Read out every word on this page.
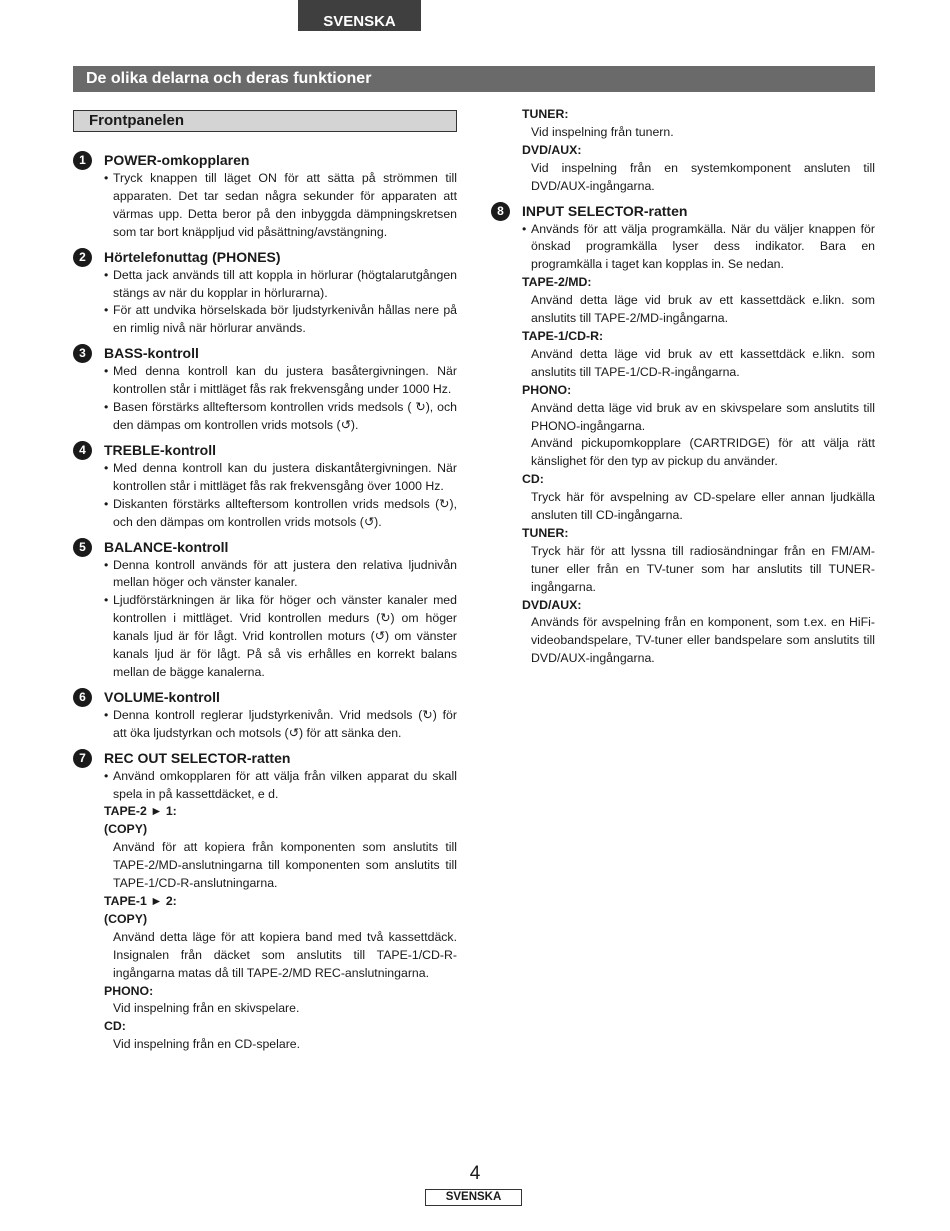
SVENSKA
De olika delarna och deras funktioner
Frontpanelen
1	POWER-omkopplaren
• Tryck knappen till läget ON för att sätta på strömmen till apparaten. Det tar sedan några sekunder för apparaten att värmas upp. Detta beror på den inbyggda dämpningskretsen som tar bort knäppljud vid påsättning/avstängning.
2	Hörtelefonuttag (PHONES)
• Detta jack används till att koppla in hörlurar (högtalarutgången stängs av när du kopplar in hörlurarna).
• För att undvika hörselskada bör ljudstyrkenivån hållas nere på en rimlig nivå när hörlurar används.
3	BASS-kontroll
• Med denna kontroll kan du justera basåtergivningen. När kontrollen står i mittläget fås rak frekvensgång under 1000 Hz.
• Basen förstärks allteftersom kontrollen vrids medsols ( ↻), och den dämpas om kontrollen vrids motsols (↺).
4	TREBLE-kontroll
• Med denna kontroll kan du justera diskantåtergivningen. När kontrollen står i mittläget fås rak frekvensgång över 1000 Hz.
• Diskanten förstärks allteftersom kontrollen vrids medsols (↻), och den dämpas om kontrollen vrids motsols (↺).
5	BALANCE-kontroll
• Denna kontroll används för att justera den relativa ljudnivån mellan höger och vänster kanaler.
• Ljudförstärkningen är lika för höger och vänster kanaler med kontrollen i mittläget. Vrid kontrollen medurs (↻) om höger kanals ljud är för lågt. Vrid kontrollen moturs (↺) om vänster kanals ljud är för lågt. På så vis erhålles en korrekt balans mellan de bägge kanalerna.
6	VOLUME-kontroll
• Denna kontroll reglerar ljudstyrkenivån. Vrid medsols (↻) för att öka ljudstyrkan och motsols (↺) för att sänka den.
7	REC OUT SELECTOR-ratten
• Använd omkopplaren för att välja från vilken apparat du skall spela in på kassettdäcket, e d.
TAPE-2 ► 1:
(COPY)
Använd för att kopiera från komponenten som anslutits till TAPE-2/MD-anslutningarna till komponenten som anslutits till TAPE-1/CD-R-anslutningarna.
TAPE-1 ► 2:
(COPY)
Använd detta läge för att kopiera band med två kassettdäck. Insignalen från däcket som anslutits till TAPE-1/CD-R-ingångarna matas då till TAPE-2/MD REC-anslutningarna.
PHONO:
Vid inspelning från en skivspelare.
CD:
Vid inspelning från en CD-spelare.
TUNER:
Vid inspelning från tunern.
DVD/AUX:
Vid inspelning från en systemkomponent ansluten till DVD/AUX-ingångarna.
8	INPUT SELECTOR-ratten
• Används för att välja programkälla. När du väljer knappen för önskad programkälla lyser dess indikator. Bara en programkälla i taget kan kopplas in. Se nedan.
TAPE-2/MD:
Använd detta läge vid bruk av ett kassettdäck e.likn. som anslutits till TAPE-2/MD-ingångarna.
TAPE-1/CD-R:
Använd detta läge vid bruk av ett kassettdäck e.likn. som anslutits till TAPE-1/CD-R-ingångarna.
PHONO:
Använd detta läge vid bruk av en skivspelare som anslutits till PHONO-ingångarna.
Använd pickupomkopplare (CARTRIDGE) för att välja rätt känslighet för den typ av pickup du använder.
CD:
Tryck här för avspelning av CD-spelare eller annan ljudkälla ansluten till CD-ingångarna.
TUNER:
Tryck här för att lyssna till radiosändningar från en FM/AM-tuner eller från en TV-tuner som har anslutits till TUNER-ingångarna.
DVD/AUX:
Används för avspelning från en komponent, som t.ex. en HiFi-videobandspelare, TV-tuner eller bandspelare som anslutits till DVD/AUX-ingångarna.
4
SVENSKA
